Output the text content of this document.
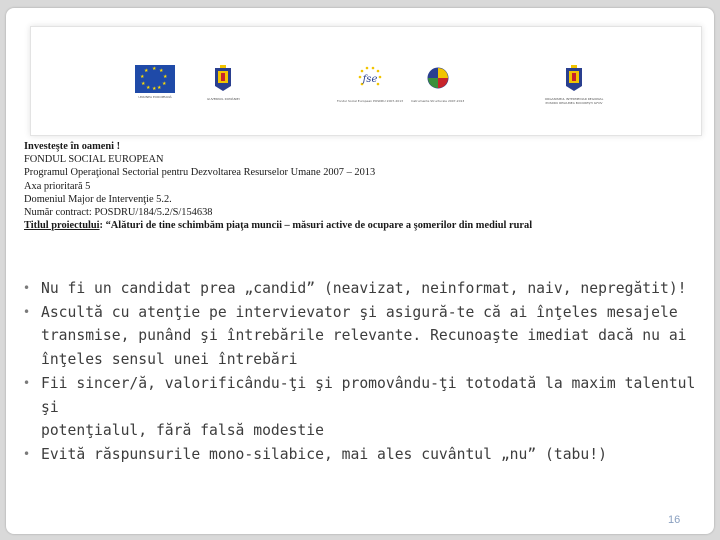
★ ★
★
★
★
★
★
★
★
★
UNIUNEA EUROPEANĂ	GUVERNUL ROMÂNIEI
fse
Fondul Social European POSDRU 2007-2013	Instrumente Structurale 2007-2013	ORGANISMUL INTERMEDIAR REGIONAL POSDRU REGIUNEA BUCUREȘTI ILFOV
Investeşte în oameni !
FONDUL SOCIAL EUROPEAN
Programul Operaţional Sectorial pentru Dezvoltarea Resurselor Umane 2007 – 2013
Axa prioritară 5
Domeniul Major de Intervenţie 5.2.
Număr contract: POSDRU/184/5.2/S/154638
Titlul proiectului: “Alături de tine schimbăm piaţa muncii – măsuri active de ocupare a şomerilor din mediul rural
• Nu fi un candidat prea „candid” (neavizat, neinformat, naiv, nepregătit)!
• Ascultă cu atenţie pe intervievator şi asigură-te că ai înţeles mesajele
transmise, punând şi întrebările relevante. Recunoaşte imediat dacă nu ai
înţeles sensul unei întrebări
• Fii sincer/ă, valorificându-ţi şi promovându-ţi totodată la maxim talentul şi
potenţialul, fără falsă modestie
• Evită răspunsurile mono-silabice, mai ales cuvântul „nu” (tabu!)
16
